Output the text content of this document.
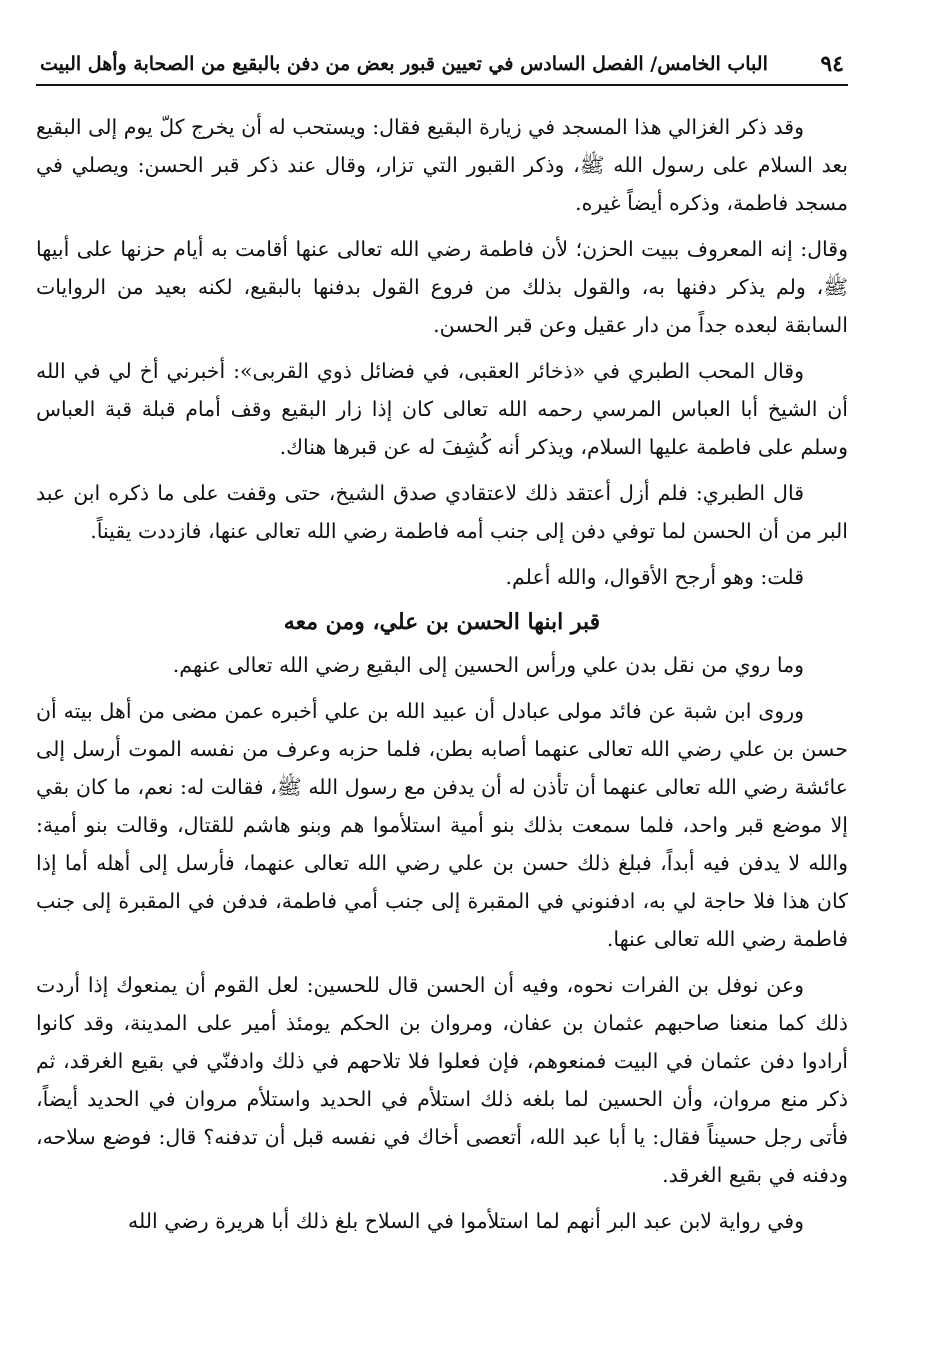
٩٤
الباب الخامس/ الفصل السادس في تعيين قبور بعض من دفن بالبقيع من الصحابة وأهل البيت

وقد ذكر الغزالي هذا المسجد في زيارة البقيع فقال: ويستحب له أن يخرج كلّ يوم إلى البقيع بعد السلام على رسول الله ﷺ، وذكر القبور التي تزار، وقال عند ذكر قبر الحسن: ويصلي في مسجد فاطمة، وذكره أيضاً غيره.

وقال: إنه المعروف ببيت الحزن؛ لأن فاطمة رضي الله تعالى عنها أقامت به أيام حزنها على أبيها ﷺ، ولم يذكر دفنها به، والقول بذلك من فروع القول بدفنها بالبقيع، لكنه بعيد من الروايات السابقة لبعده جداً من دار عقيل وعن قبر الحسن.

وقال المحب الطبري في «ذخائر العقبى، في فضائل ذوي القربى»: أخبرني أخ لي في الله أن الشيخ أبا العباس المرسي رحمه الله تعالى كان إذا زار البقيع وقف أمام قبلة قبة العباس وسلم على فاطمة عليها السلام، ويذكر أنه كُشِفَ له عن قبرها هناك.

قال الطبري: فلم أزل أعتقد ذلك لاعتقادي صدق الشيخ، حتى وقفت على ما ذكره ابن عبد البر من أن الحسن لما توفي دفن إلى جنب أمه فاطمة رضي الله تعالى عنها، فازددت يقيناً.

قلت: وهو أرجح الأقوال، والله أعلم.

قبر ابنها الحسن بن علي، ومن معه

وما روي من نقل بدن علي ورأس الحسين إلى البقيع رضي الله تعالى عنهم.

وروى ابن شبة عن فائد مولى عبادل أن عبيد الله بن علي أخبره عمن مضى من أهل بيته أن حسن بن علي رضي الله تعالى عنهما أصابه بطن، فلما حزبه وعرف من نفسه الموت أرسل إلى عائشة رضي الله تعالى عنهما أن تأذن له أن يدفن مع رسول الله ﷺ، فقالت له: نعم، ما كان بقي إلا موضع قبر واحد، فلما سمعت بذلك بنو أمية استلأموا هم وبنو هاشم للقتال، وقالت بنو أمية: والله لا يدفن فيه أبداً، فبلغ ذلك حسن بن علي رضي الله تعالى عنهما، فأرسل إلى أهله أما إذا كان هذا فلا حاجة لي به، ادفنوني في المقبرة إلى جنب أمي فاطمة، فدفن في المقبرة إلى جنب فاطمة رضي الله تعالى عنها.

وعن نوفل بن الفرات نحوه، وفيه أن الحسن قال للحسين: لعل القوم أن يمنعوك إذا أردت ذلك كما منعنا صاحبهم عثمان بن عفان، ومروان بن الحكم يومئذ أمير على المدينة، وقد كانوا أرادوا دفن عثمان في البيت فمنعوهم، فإن فعلوا فلا تلاحهم في ذلك وادفنّي في بقيع الغرقد، ثم ذكر منع مروان، وأن الحسين لما بلغه ذلك استلأم في الحديد واستلأم مروان في الحديد أيضاً، فأتى رجل حسيناً فقال: يا أبا عبد الله، أتعصى أخاك في نفسه قبل أن تدفنه؟ قال: فوضع سلاحه، ودفنه في بقيع الغرقد.

وفي رواية لابن عبد البر أنهم لما استلأموا في السلاح بلغ ذلك أبا هريرة رضي الله
